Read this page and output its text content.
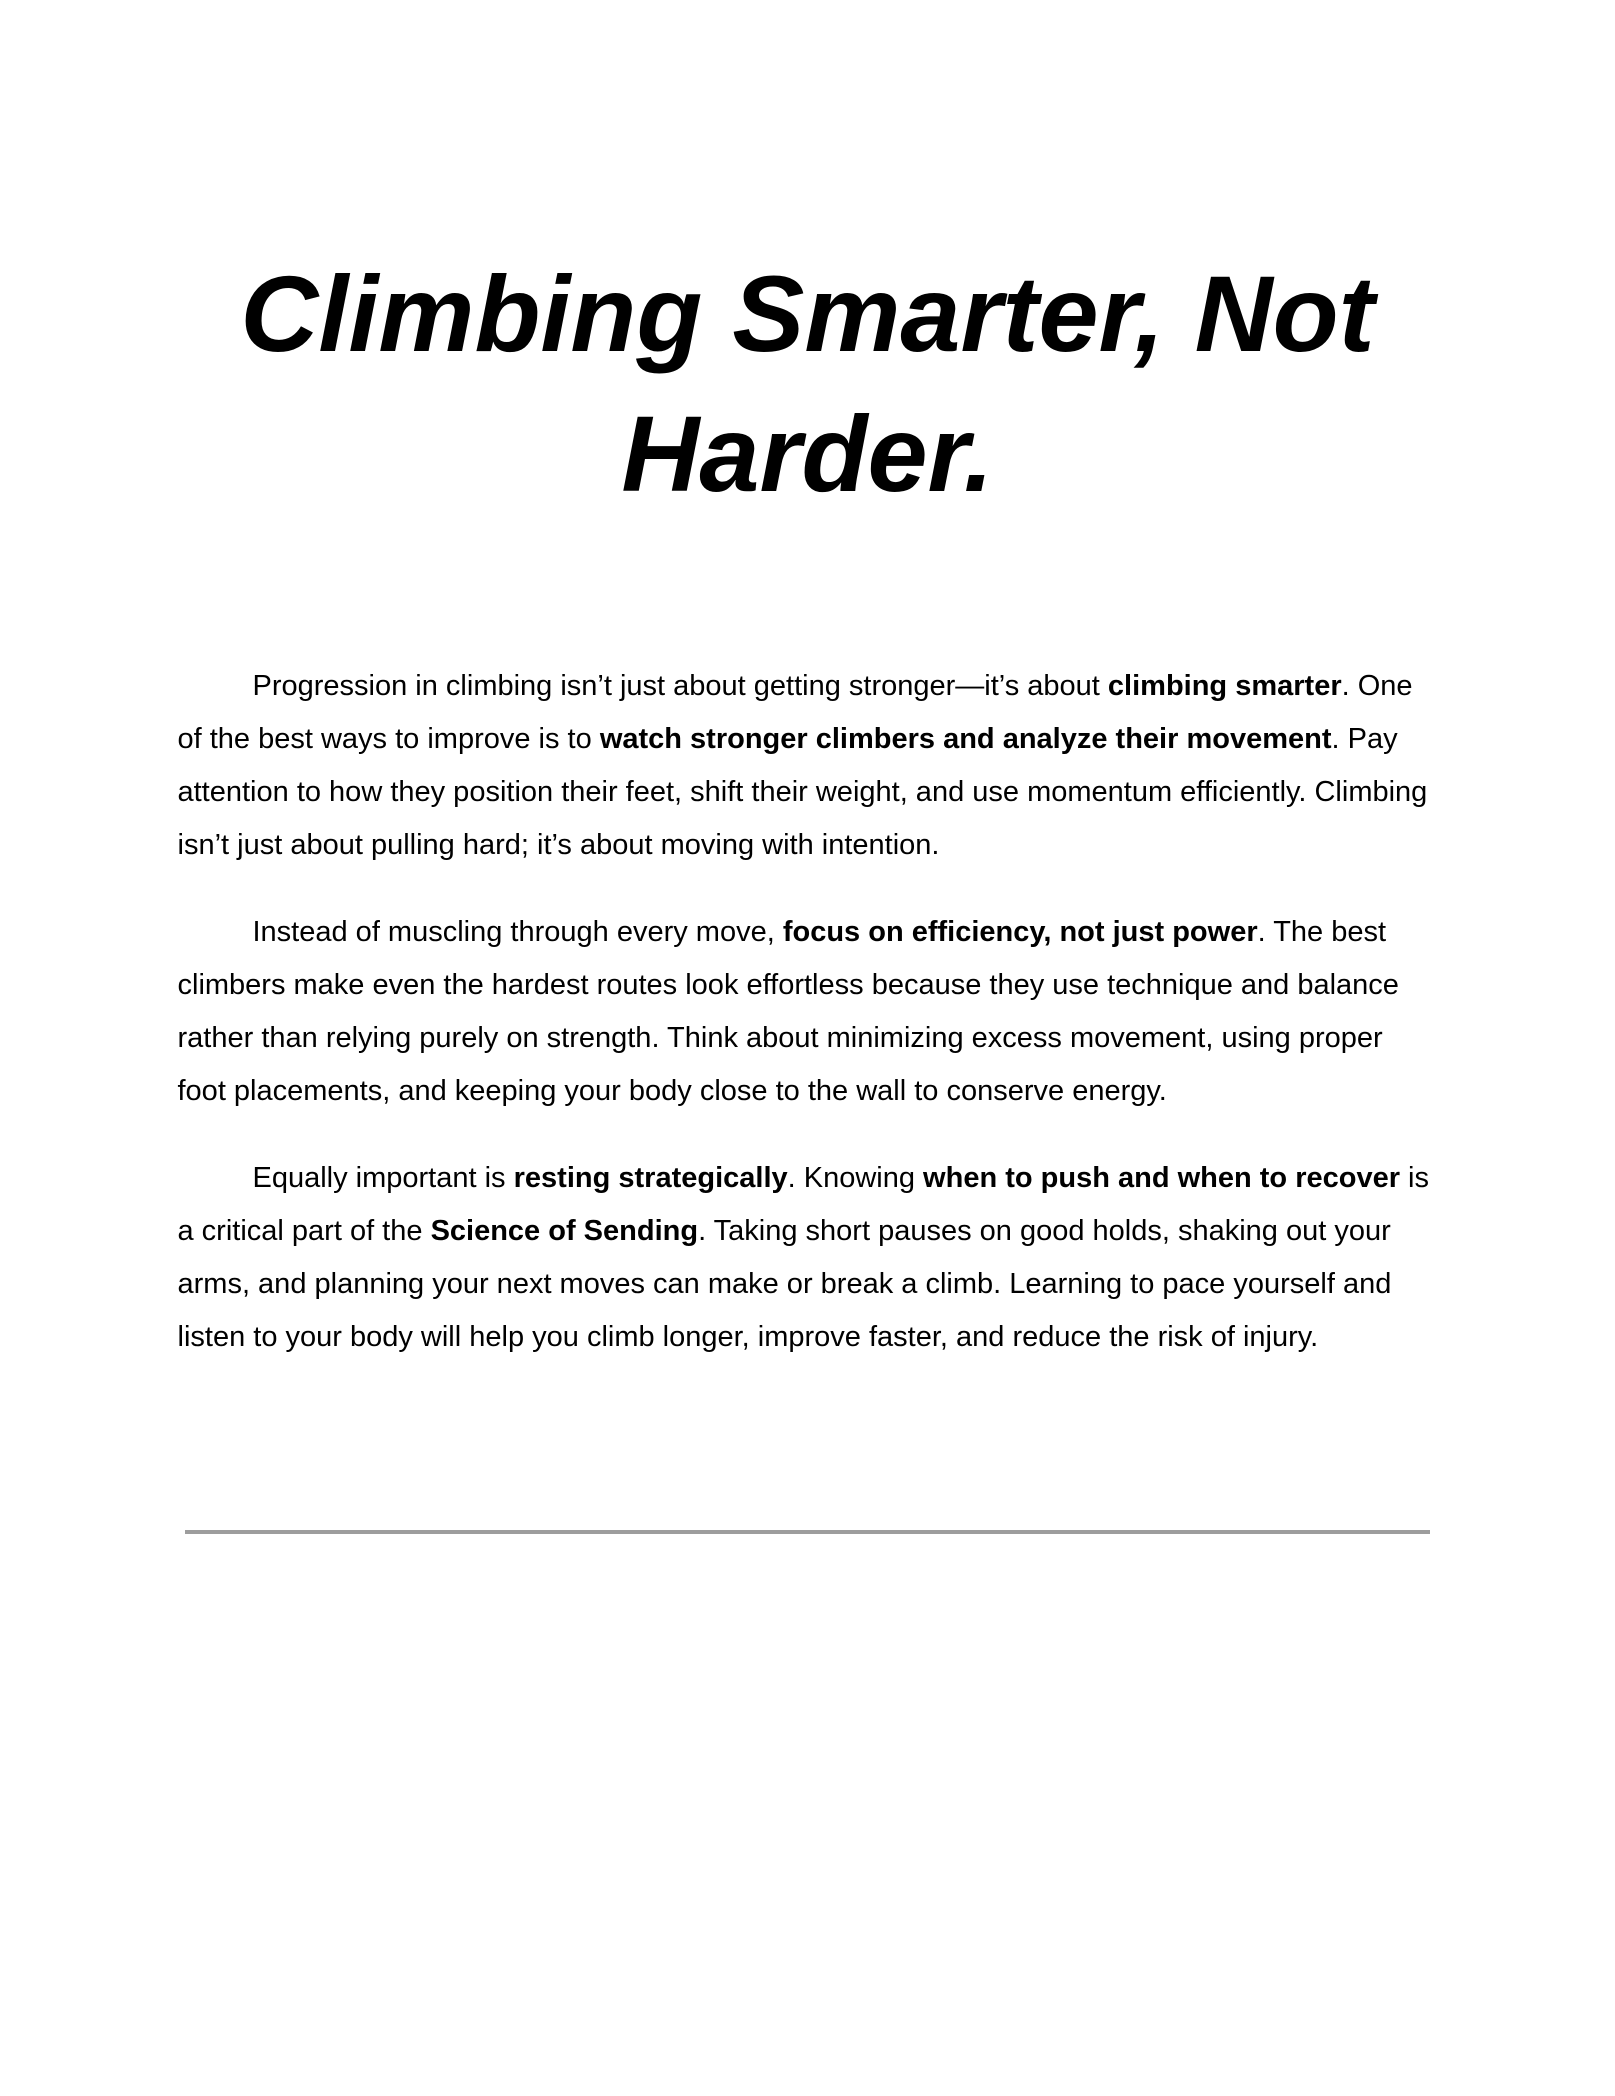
Climbing Smarter, Not
Harder.

Progression in climbing isn’t just about getting stronger—it’s about climbing smarter. One of the best ways to improve is to watch stronger climbers and analyze their movement. Pay attention to how they position their feet, shift their weight, and use momentum efficiently. Climbing isn’t just about pulling hard; it’s about moving with intention.

Instead of muscling through every move, focus on efficiency, not just power. The best climbers make even the hardest routes look effortless because they use technique and balance rather than relying purely on strength. Think about minimizing excess movement, using proper foot placements, and keeping your body close to the wall to conserve energy.

Equally important is resting strategically. Knowing when to push and when to recover is a critical part of the Science of Sending. Taking short pauses on good holds, shaking out your arms, and planning your next moves can make or break a climb. Learning to pace yourself and listen to your body will help you climb longer, improve faster, and reduce the risk of injury.
